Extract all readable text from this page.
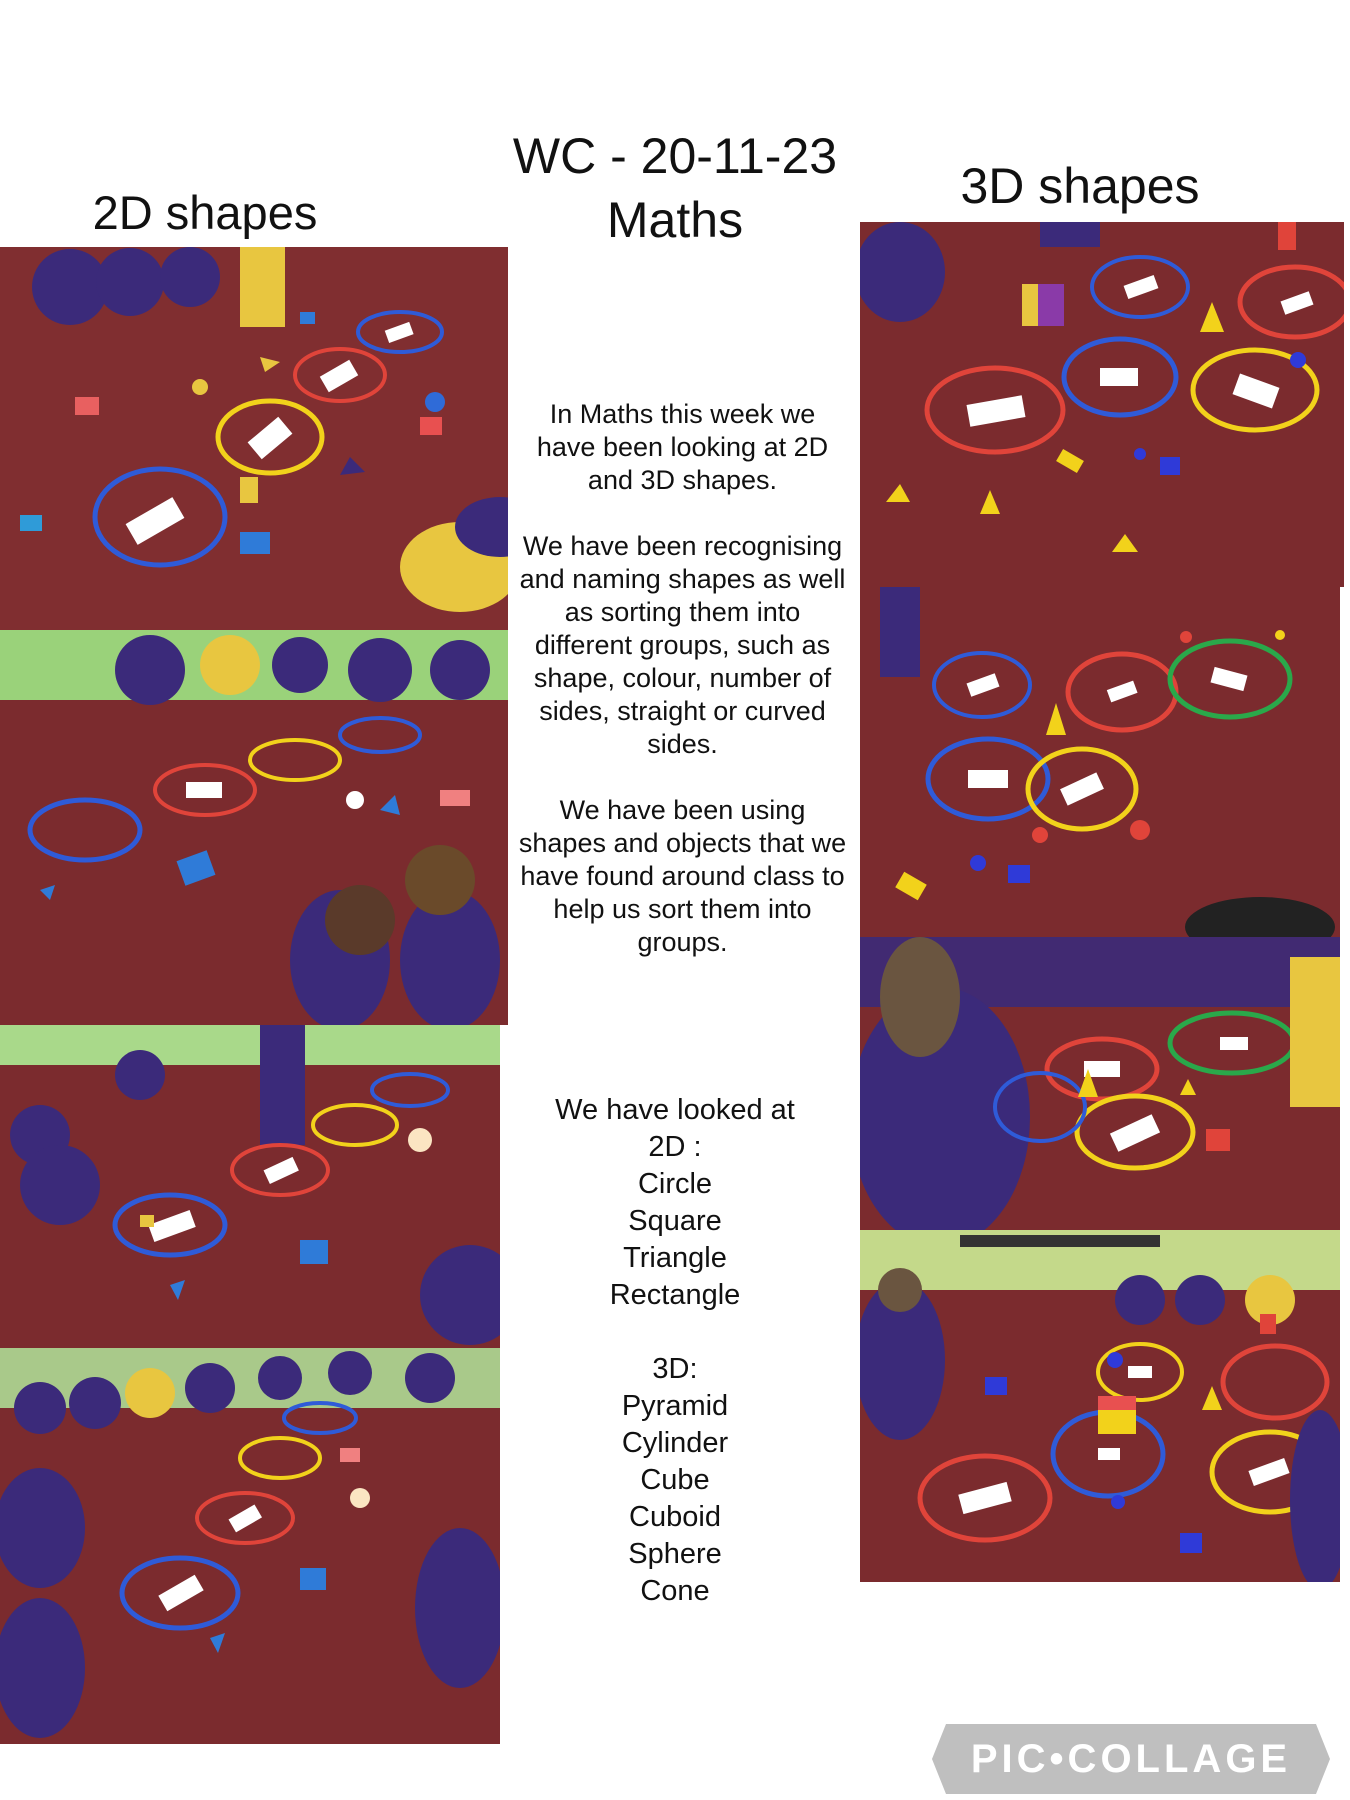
2D shapes
WC - 20-11-23
Maths
3D shapes
In Maths this week we
have been looking at 2D
and 3D shapes.
We have been recognising
and naming shapes as well
as sorting them into
different groups, such as
shape, colour, number of
sides, straight or curved
sides.
We have been using
shapes and objects that we
have found around class to
help us sort them into
groups.
We have looked at
2D :
Circle
Square
Triangle
Rectangle
3D:
Pyramid
Cylinder
Cube
Cuboid
Sphere
Cone
PIC•COLLAGE
